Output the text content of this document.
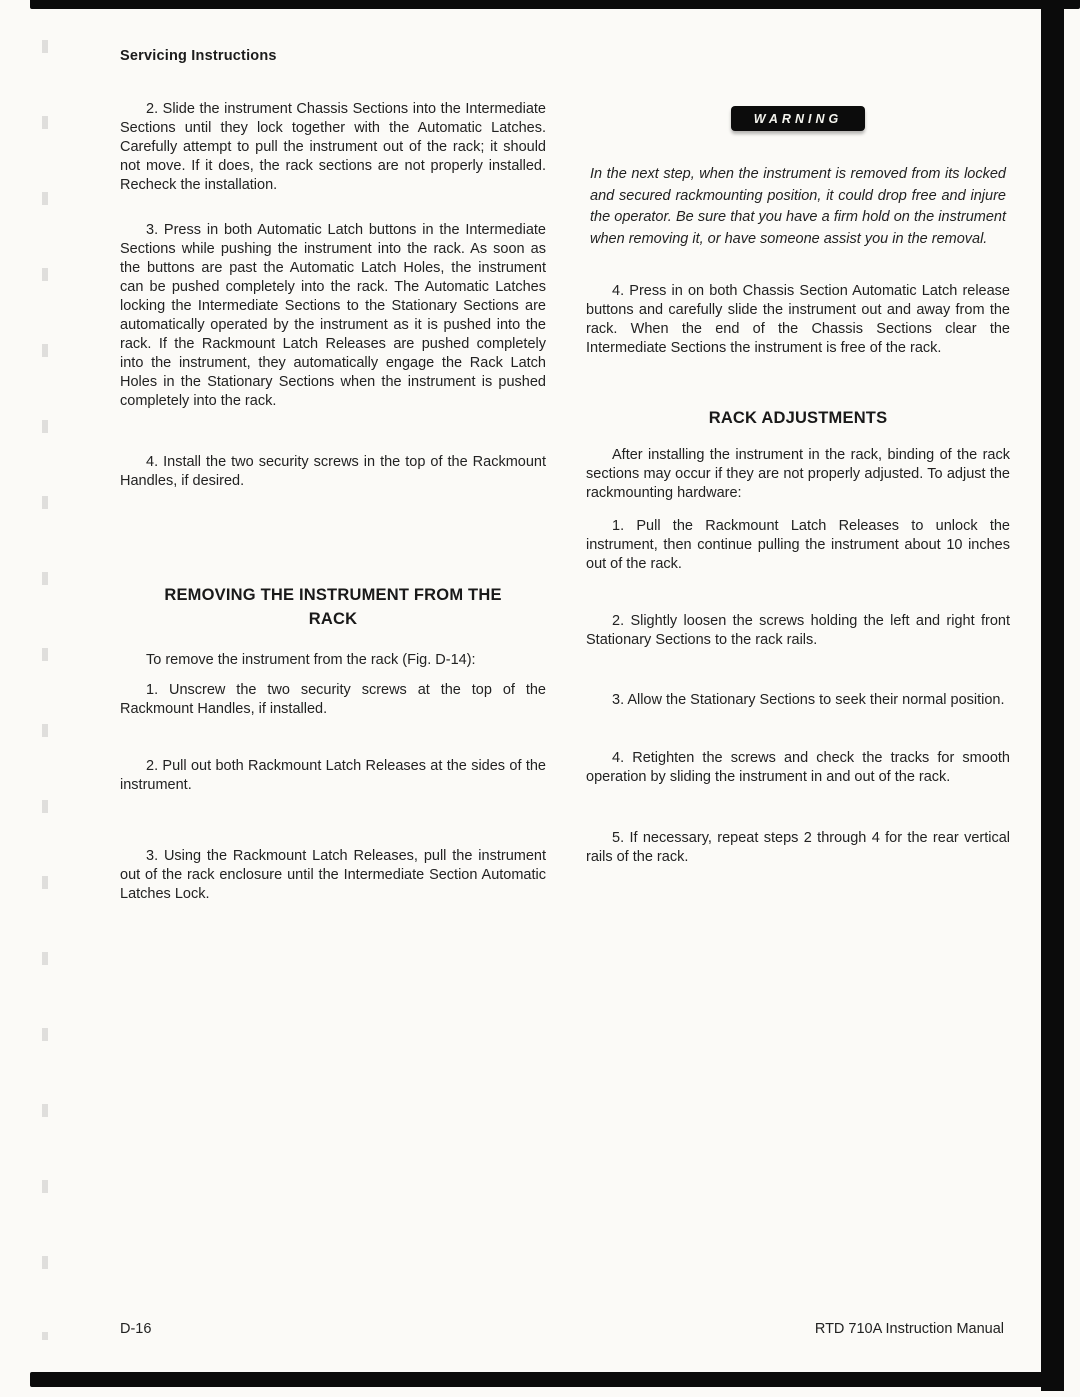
Servicing Instructions

2. Slide the instrument Chassis Sections into the Intermediate Sections until they lock together with the Automatic Latches. Carefully attempt to pull the instrument out of the rack; it should not move. If it does, the rack sections are not properly installed. Recheck the installation.

3. Press in both Automatic Latch buttons in the Intermediate Sections while pushing the instrument into the rack. As soon as the buttons are past the Automatic Latch Holes, the instrument can be pushed completely into the rack. The Automatic Latches locking the Intermediate Sections to the Stationary Sections are automatically operated by the instrument as it is pushed into the rack. If the Rackmount Latch Releases are pushed completely into the instrument, they automatically engage the Rack Latch Holes in the Stationary Sections when the instrument is pushed completely into the rack.

4. Install the two security screws in the top of the Rackmount Handles, if desired.

REMOVING THE INSTRUMENT FROM THE RACK

To remove the instrument from the rack (Fig. D-14):

1. Unscrew the two security screws at the top of the Rackmount Handles, if installed.

2. Pull out both Rackmount Latch Releases at the sides of the instrument.

3. Using the Rackmount Latch Releases, pull the instrument out of the rack enclosure until the Intermediate Section Automatic Latches Lock.

WARNING

In the next step, when the instrument is removed from its locked and secured rackmounting position, it could drop free and injure the operator. Be sure that you have a firm hold on the instrument when removing it, or have someone assist you in the removal.

4. Press in on both Chassis Section Automatic Latch release buttons and carefully slide the instrument out and away from the rack. When the end of the Chassis Sections clear the Intermediate Sections the instrument is free of the rack.

RACK ADJUSTMENTS

After installing the instrument in the rack, binding of the rack sections may occur if they are not properly adjusted. To adjust the rackmounting hardware:

1. Pull the Rackmount Latch Releases to unlock the instrument, then continue pulling the instrument about 10 inches out of the rack.

2. Slightly loosen the screws holding the left and right front Stationary Sections to the rack rails.

3. Allow the Stationary Sections to seek their normal position.

4. Retighten the screws and check the tracks for smooth operation by sliding the instrument in and out of the rack.

5. If necessary, repeat steps 2 through 4 for the rear vertical rails of the rack.

D-16	RTD 710A Instruction Manual
